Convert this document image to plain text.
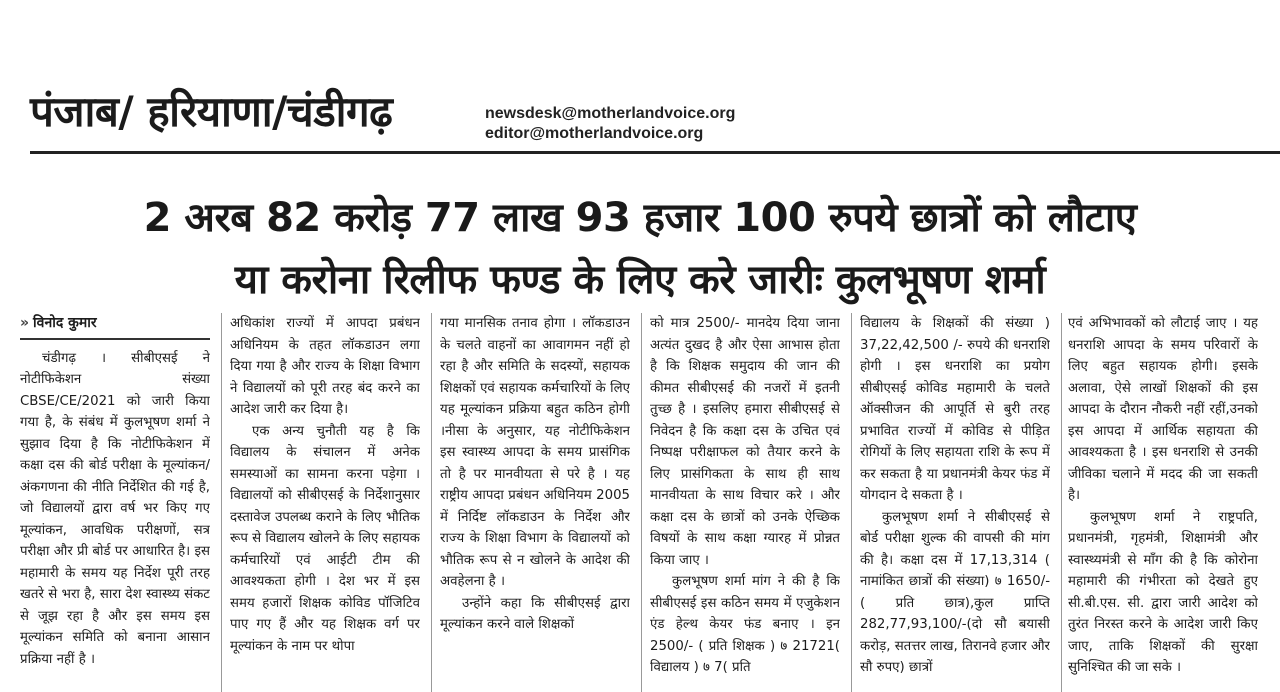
पंजाब/ हरियाणा/चंडीगढ़	newsdesk@motherlandvoice.org
editor@motherlandvoice.org
2 अरब 82 करोड़ 77 लाख 93 हजार 100 रुपये छात्रों को लौटाए
या करोना रिलीफ फण्ड के लिए करे जारीः कुलभूषण शर्मा
» विनोद कुमार

चंडीगढ़ । सीबीएसई ने नोटीफिकेशन संख्या CBSE/CE/2021 को जारी किया गया है, के संबंध में कुलभूषण शर्मा ने सुझाव दिया है कि नोटीफिकेशन में कक्षा दस की बोर्ड परीक्षा के मूल्यांकन/अंकगणना की नीति निर्देशित की गई है, जो विद्यालयों द्वारा वर्ष भर किए गए मूल्यांकन, आवधिक परीक्षणों, सत्र परीक्षा और प्री बोर्ड पर आधारित है। इस महामारी के समय यह निर्देश पूरी तरह खतरे से भरा है, सारा देश स्वास्थ्य संकट से जूझ रहा है और इस समय इस मूल्यांकन समिति को बनाना आसान प्रक्रिया नहीं है ।

अधिकांश राज्यों में आपदा प्रबंधन अधिनियम के तहत लॉकडाउन लगा दिया गया है और राज्य के शिक्षा विभाग ने विद्यालयों को पूरी तरह बंद करने का आदेश जारी कर दिया है।

एक अन्य चुनौती यह है कि विद्यालय के संचालन में अनेक समस्याओं का सामना करना पड़ेगा । विद्यालयों को सीबीएसई के निर्देशानुसार दस्तावेज उपलब्ध कराने के लिए भौतिक रूप से विद्यालय खोलने के लिए सहायक कर्मचारियों एवं आईटी टीम की आवश्यकता होगी । देश भर में इस समय हजारों शिक्षक कोविड पॉजिटिव पाए गए हैं और यह शिक्षक वर्ग पर मूल्यांकन के नाम पर थोपा

गया मानसिक तनाव होगा । लॉकडाउन के चलते वाहनों का आवागमन नहीं हो रहा है और समिति के सदस्यों, सहायक शिक्षकों एवं सहायक कर्मचारियों के लिए यह मूल्यांकन प्रक्रिया बहुत कठिन होगी ।नीसा के अनुसार, यह नोटीफिकेशन इस स्वास्थ्य आपदा के समय प्रासंगिक तो है पर मानवीयता से परे है । यह राष्ट्रीय आपदा प्रबंधन अधिनियम 2005 में निर्दिष्ट लॉकडाउन के निर्देश और राज्य के शिक्षा विभाग के विद्यालयों को भौतिक रूप से न खोलने के आदेश की अवहेलना है ।

उन्होंने कहा कि सीबीएसई द्वारा मूल्यांकन करने वाले शिक्षकों

को मात्र 2500/- मानदेय दिया जाना अत्यंत दुखद है और ऐसा आभास होता है कि शिक्षक समुदाय की जान की कीमत सीबीएसई की नजरों में इतनी तुच्छ है । इसलिए हमारा सीबीएसई से निवेदन है कि कक्षा दस के उचित एवं निष्पक्ष परीक्षाफल को तैयार करने के लिए प्रासंगिकता के साथ ही साथ मानवीयता के साथ विचार करे । और कक्षा दस के छात्रों को उनके ऐच्छिक विषयों के साथ कक्षा ग्यारह में प्रोन्नत किया जाए ।

कुलभूषण शर्मा मांग ने की है कि सीबीएसई इस कठिन समय में एजुकेशन एंड हेल्थ केयर फंड बनाए । इन 2500/- ( प्रति शिक्षक ) ७ 21721( विद्यालय ) ७ 7( प्रति

विद्यालय के शिक्षकों की संख्या ) 37,22,42,500 /- रुपये की धनराशि होगी । इस धनराशि का प्रयोग सीबीएसई कोविड महामारी के चलते ऑक्सीजन की आपूर्ति से बुरी तरह प्रभावित राज्यों में कोविड से पीड़ित रोगियों के लिए सहायता राशि के रूप में कर सकता है या प्रधानमंत्री केयर फंड में योगदान दे सकता है ।

कुलभूषण शर्मा ने सीबीएसई से बोर्ड परीक्षा शुल्क की वापसी की मांग की है। कक्षा दस में 17,13,314 ( नामांकित छात्रों की संख्या) ७ 1650/- ( प्रति छात्र),कुल प्राप्ति 282,77,93,100/-(दो सौ बयासी करोड़, सतत्तर लाख, तिरानवे हजार और सौ रुपए) छात्रों

एवं अभिभावकों को लौटाई जाए । यह धनराशि आपदा के समय परिवारों के लिए बहुत सहायक होगी। इसके अलावा, ऐसे लाखों शिक्षकों की इस आपदा के दौरान नौकरी नहीं रहीं,उनको इस आपदा में आर्थिक सहायता की आवश्यकता है । इस धनराशि से उनकी जीविका चलाने में मदद की जा सकती है।

कुलभूषण शर्मा ने राष्ट्रपति, प्रधानमंत्री, गृहमंत्री, शिक्षामंत्री और स्वास्थ्यमंत्री से माँग की है कि कोरोना महामारी की गंभीरता को देखते हुए सी.बी.एस. सी. द्वारा जारी आदेश को तुरंत निरस्त करने के आदेश जारी किए जाए, ताकि शिक्षकों की सुरक्षा सुनिश्चित की जा सके ।
